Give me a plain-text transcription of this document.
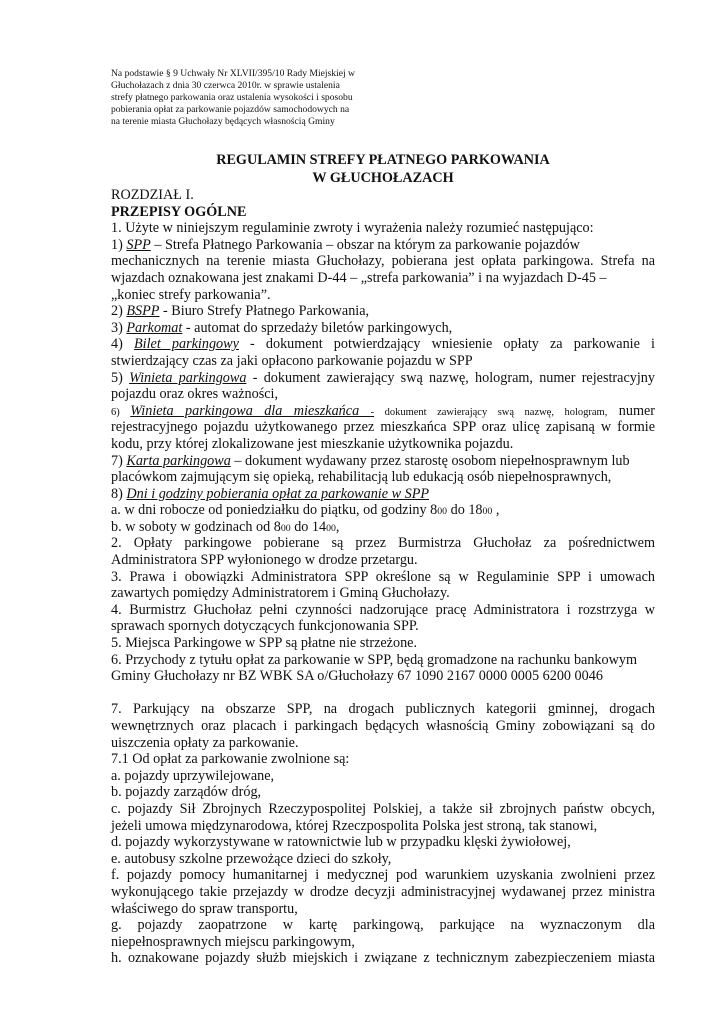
Na podstawie § 9 Uchwały Nr XLVII/395/10 Rady Miejskiej w
Głuchołazach z dnia 30 czerwca 2010r. w sprawie ustalenia
strefy płatnego parkowania oraz ustalenia wysokości i sposobu
pobierania opłat za parkowanie pojazdów samochodowych na
na terenie miasta Głuchołazy będących własnością Gminy
REGULAMIN STREFY PŁATNEGO PARKOWANIA
W GŁUCHOŁAZACH
ROZDZIAŁ I.
PRZEPISY OGÓLNE
1. Użyte w niniejszym regulaminie zwroty i wyrażenia należy rozumieć następująco:
1) SPP – Strefa Płatnego Parkowania – obszar na którym za parkowanie pojazdów
mechanicznych na terenie miasta Głuchołazy, pobierana jest opłata parkingowa. Strefa na
wjazdach oznakowana jest znakami D-44 – „strefa parkowania” i na wyjazdach D-45 –
„koniec strefy parkowania”.
2) BSPP - Biuro Strefy Płatnego Parkowania,
3) Parkomat - automat do sprzedaży biletów parkingowych,
4) Bilet parkingowy - dokument potwierdzający wniesienie opłaty za parkowanie i
stwierdzający czas za jaki opłacono parkowanie pojazdu w SPP
5) Winieta parkingowa - dokument zawierający swą nazwę, hologram, numer rejestracyjny
pojazdu oraz okres ważności,
6) Winieta parkingowa dla mieszkańca - dokument zawierający swą nazwę, hologram, numer
rejestracyjnego pojazdu użytkowanego przez mieszkańca SPP oraz ulicę zapisaną w formie
kodu, przy której zlokalizowane jest mieszkanie użytkownika pojazdu.
7) Karta parkingowa – dokument wydawany przez starostę osobom niepełnosprawnym lub
placówkom zajmującym się opieką, rehabilitacją lub edukacją osób niepełnosprawnych,
8) Dni i godziny pobierania opłat za parkowanie w SPP
a. w dni robocze od poniedziałku do piątku, od godziny 800 do 1800 ,
b. w soboty w godzinach od 800 do 1400,
2. Opłaty parkingowe pobierane są przez Burmistrza Głuchołaz za pośrednictwem
Administratora SPP wyłonionego w drodze przetargu.
3. Prawa i obowiązki Administratora SPP określone są w Regulaminie SPP i umowach
zawartych pomiędzy Administratorem i Gminą Głuchołazy.
4. Burmistrz Głuchołaz pełni czynności nadzorujące pracę Administratora i rozstrzyga w
sprawach spornych dotyczących funkcjonowania SPP.
5. Miejsca Parkingowe w SPP są płatne nie strzeżone.
6. Przychody z tytułu opłat za parkowanie w SPP, będą gromadzone na rachunku bankowym
Gminy Głuchołazy nr BZ WBK SA o/Głuchołazy 67 1090 2167 0000 0005 6200 0046
7. Parkujący na obszarze SPP, na drogach publicznych kategorii gminnej, drogach
wewnętrznych oraz placach i parkingach będących własnością Gminy zobowiązani są do
uiszczenia opłaty za parkowanie.
7.1 Od opłat za parkowanie zwolnione są:
a. pojazdy uprzywilejowane,
b. pojazdy zarządów dróg,
c. pojazdy Sił Zbrojnych Rzeczypospolitej Polskiej, a także sił zbrojnych państw obcych,
jeżeli umowa międzynarodowa, której Rzeczpospolita Polska jest stroną, tak stanowi,
d. pojazdy wykorzystywane w ratownictwie lub w przypadku klęski żywiołowej,
e. autobusy szkolne przewożące dzieci do szkoły,
f. pojazdy pomocy humanitarnej i medycznej pod warunkiem uzyskania zwolnieni przez
wykonującego takie przejazdy w drodze decyzji administracyjnej wydawanej przez ministra
właściwego do spraw transportu,
g. pojazdy zaopatrzone w kartę parkingową, parkujące na wyznaczonym dla
niepełnosprawnych miejscu parkingowym,
h. oznakowane pojazdy służb miejskich i związane z technicznym zabezpieczeniem miasta
